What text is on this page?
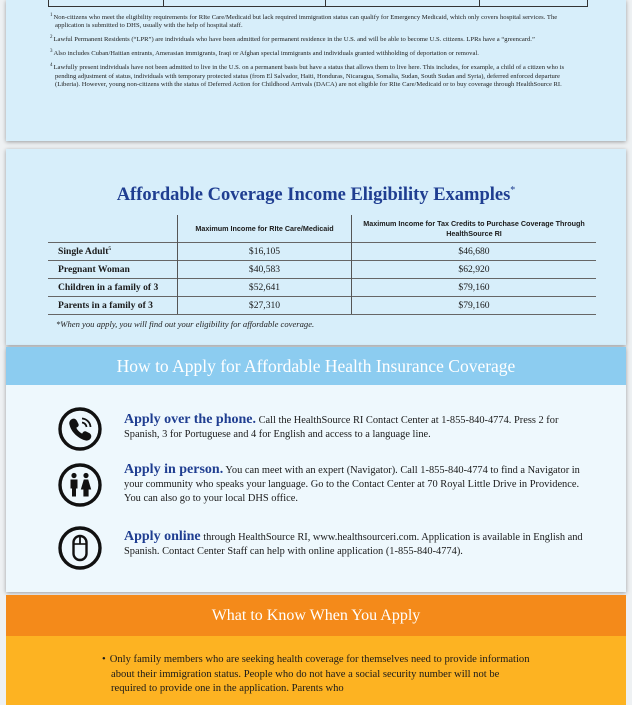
$^1$Non-citizens who meet the eligibility requirements for RIte Care/Medicaid but lack required immigration status can qualify for Emergency Medicaid, which only covers hospital services. The application is submitted to DHS, usually with the help of hospital staff.
$^2$Lawful Permanent Residents (“LPR”) are individuals who have been admitted for permanent residence in the U.S. and will be able to become U.S. citizens. LPRs have a “greencard.”
$^3$Also includes Cuban/Haitian entrants, Amerasian immigrants, Iraqi or Afghan special immigrants and individuals granted withholding of deportation or removal.
$^4$Lawfully present individuals have not been admitted to live in the U.S. on a permanent basis but have a status that allows them to live here. This includes, for example, a child of a citizen who is pending adjustment of status, individuals with temporary protected status (from El Salvador, Haiti, Honduras, Nicaragua, Somalia, Sudan, South Sudan and Syria), deferred enforced departure (Liberia). However, young non-citizens with the status of Deferred Action for Childhood Arrivals (DACA) are not eligible for RIte Care/Medicaid or to buy coverage through HealthSource RI.
Affordable Coverage Income Eligibility Examples*
	Maximum Income for RIte Care/Medicaid	Maximum Income for Tax Credits to Purchase Coverage Through HealthSource RI
Single Adult$^5$	$16,105	$46,680
Pregnant Woman	$40,583	$62,920
Children in a family of 3	$52,641	$79,160
Parents in a family of 3	$27,310	$79,160
*When you apply, you will find out your eligibility for affordable coverage.
How to Apply for Affordable Health Insurance Coverage
Apply over the phone. Call the HealthSource RI Contact Center at 1-855-840-4774. Press 2 for Spanish, 3 for Portuguese and 4 for English and access to a language line.
Apply in person. You can meet with an expert (Navigator). Call 1-855-840-4774 to find a Navigator in your community who speaks your language. Go to the Contact Center at 70 Royal Little Drive in Providence. You can also go to your local DHS office.
Apply online through HealthSource RI, www.healthsourceri.com. Application is available in English and Spanish. Contact Center Staff can help with online application (1-855-840-4774).
What to Know When You Apply
• Only family members who are seeking health coverage for themselves need to provide information about their immigration status. People who do not have a social security number will not be required to provide one in the application. Parents who
